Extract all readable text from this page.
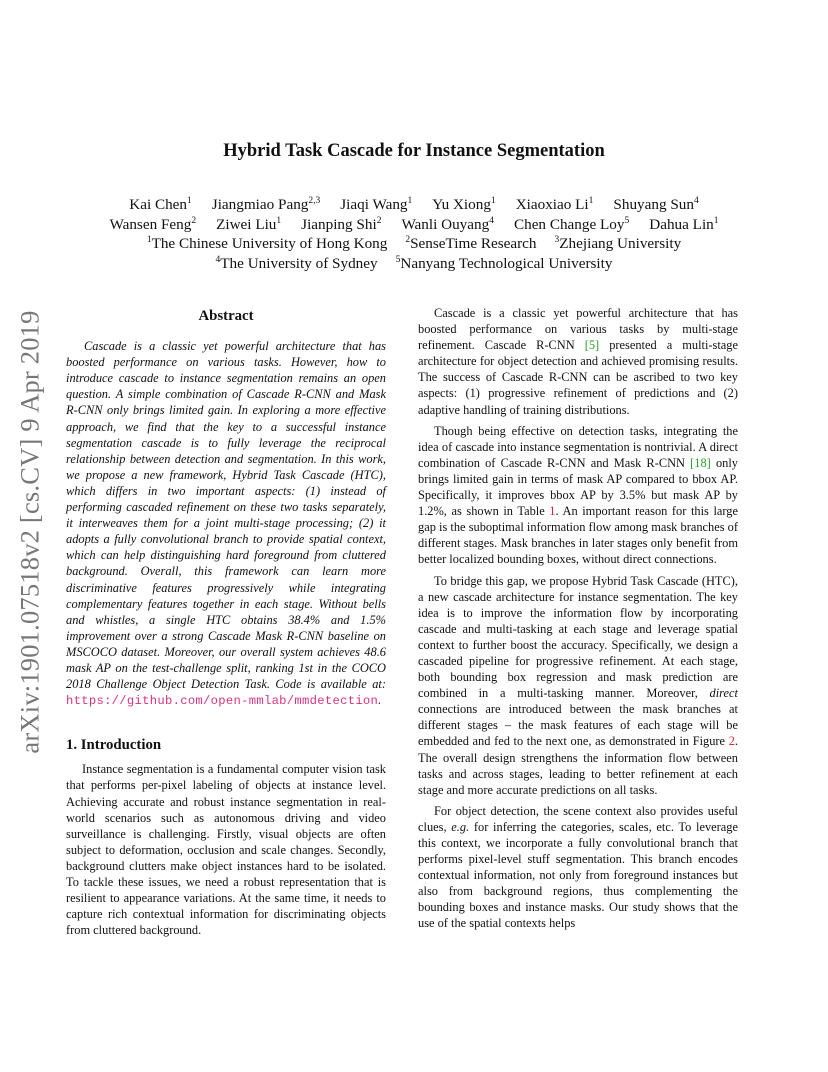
arXiv:1901.07518v2 [cs.CV] 9 Apr 2019
Hybrid Task Cascade for Instance Segmentation
Kai Chen$^1$ Jiangmiao Pang$^{2,3}$ Jiaqi Wang$^1$ Yu Xiong$^1$ Xiaoxiao Li$^1$ Shuyang Sun$^4$
Wansen Feng$^2$ Ziwei Liu$^1$ Jianping Shi$^2$ Wanli Ouyang$^4$ Chen Change Loy$^5$ Dahua Lin$^1$
$^1$The Chinese University of Hong Kong $^2$SenseTime Research $^3$Zhejiang University
$^4$The University of Sydney $^5$Nanyang Technological University
Abstract

Cascade is a classic yet powerful architecture that has boosted performance on various tasks. However, how to introduce cascade to instance segmentation remains an open question. A simple combination of Cascade R-CNN and Mask R-CNN only brings limited gain. In exploring a more effective approach, we find that the key to a successful instance segmentation cascade is to fully leverage the reciprocal relationship between detection and segmentation. In this work, we propose a new framework, Hybrid Task Cascade (HTC), which differs in two important aspects: (1) instead of performing cascaded refinement on these two tasks separately, it interweaves them for a joint multi-stage processing; (2) it adopts a fully convolutional branch to provide spatial context, which can help distinguishing hard foreground from cluttered background. Overall, this framework can learn more discriminative features progressively while integrating complementary features together in each stage. Without bells and whistles, a single HTC obtains 38.4% and 1.5% improvement over a strong Cascade Mask R-CNN baseline on MSCOCO dataset. Moreover, our overall system achieves 48.6 mask AP on the test-challenge split, ranking 1st in the COCO 2018 Challenge Object Detection Task. Code is available at: https://github.com/open-mmlab/mmdetection.

1. Introduction

Instance segmentation is a fundamental computer vision task that performs per-pixel labeling of objects at instance level. Achieving accurate and robust instance segmentation in real-world scenarios such as autonomous driving and video surveillance is challenging. Firstly, visual objects are often subject to deformation, occlusion and scale changes. Secondly, background clutters make object instances hard to be isolated. To tackle these issues, we need a robust representation that is resilient to appearance variations. At the same time, it needs to capture rich contextual information for discriminating objects from cluttered background.

Cascade is a classic yet powerful architecture that has boosted performance on various tasks by multi-stage refinement. Cascade R-CNN [5] presented a multi-stage architecture for object detection and achieved promising results. The success of Cascade R-CNN can be ascribed to two key aspects: (1) progressive refinement of predictions and (2) adaptive handling of training distributions.

Though being effective on detection tasks, integrating the idea of cascade into instance segmentation is nontrivial. A direct combination of Cascade R-CNN and Mask R-CNN [18] only brings limited gain in terms of mask AP compared to bbox AP. Specifically, it improves bbox AP by 3.5% but mask AP by 1.2%, as shown in Table 1. An important reason for this large gap is the suboptimal information flow among mask branches of different stages. Mask branches in later stages only benefit from better localized bounding boxes, without direct connections.

To bridge this gap, we propose Hybrid Task Cascade (HTC), a new cascade architecture for instance segmentation. The key idea is to improve the information flow by incorporating cascade and multi-tasking at each stage and leverage spatial context to further boost the accuracy. Specifically, we design a cascaded pipeline for progressive refinement. At each stage, both bounding box regression and mask prediction are combined in a multi-tasking manner. Moreover, direct connections are introduced between the mask branches at different stages – the mask features of each stage will be embedded and fed to the next one, as demonstrated in Figure 2. The overall design strengthens the information flow between tasks and across stages, leading to better refinement at each stage and more accurate predictions on all tasks.

For object detection, the scene context also provides useful clues, e.g. for inferring the categories, scales, etc. To leverage this context, we incorporate a fully convolutional branch that performs pixel-level stuff segmentation. This branch encodes contextual information, not only from foreground instances but also from background regions, thus complementing the bounding boxes and instance masks. Our study shows that the use of the spatial contexts helps
